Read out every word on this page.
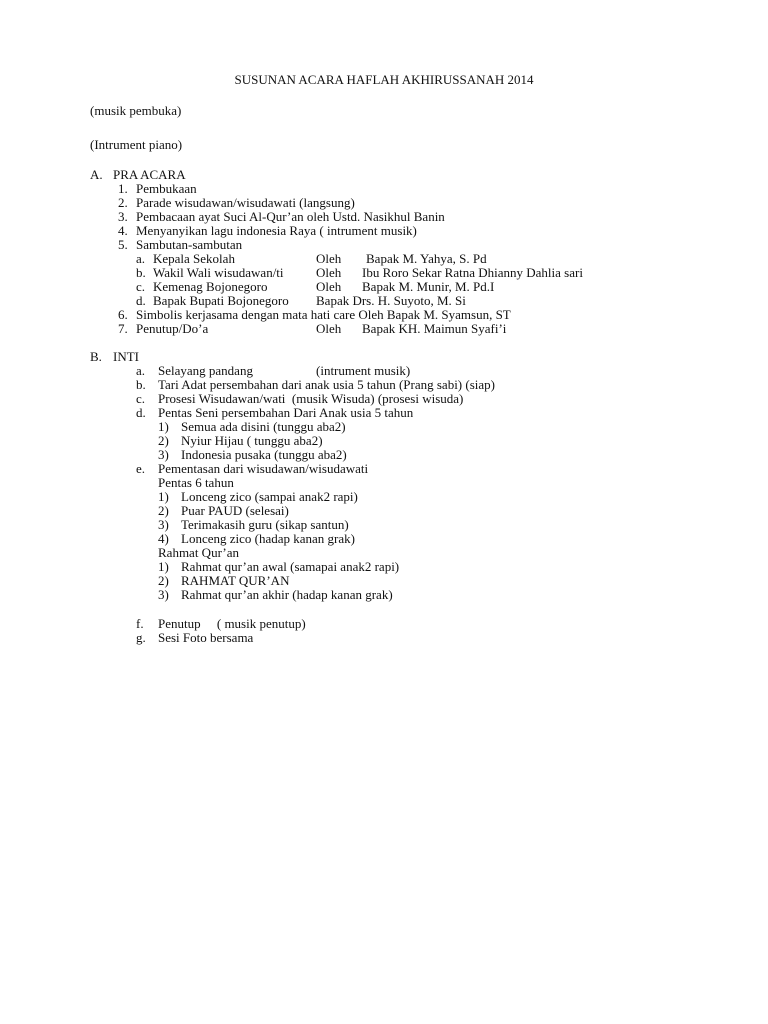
SUSUNAN ACARA HAFLAH AKHIRUSSANAH 2014
(musik pembuka)
(Intrument piano)
A. PRA ACARA
1. Pembukaan
2. Parade wisudawan/wisudawati (langsung)
3. Pembacaan ayat Suci Al-Qur’an oleh Ustd. Nasikhul Banin
4. Menyanyikan lagu indonesia Raya ( intrument musik)
5. Sambutan-sambutan
a. Kepala Sekolah	Oleh Bapak M. Yahya, S. Pd
b. Wakil Wali wisudawan/ti Oleh Ibu Roro Sekar Ratna Dhianny Dahlia sari
c. Kemenag Bojonegoro	Oleh Bapak M. Munir, M. Pd.I
d. Bapak Bupati Bojonegoro Bapak Drs. H. Suyoto, M. Si
6. Simbolis kerjasama dengan mata hati care Oleh Bapak M. Syamsun, ST
7. Penutup/Do’a	Oleh Bapak KH. Maimun Syafi’i
B. INTI
a. Selayang pandang	(intrument musik)
b. Tari Adat persembahan dari anak usia 5 tahun (Prang sabi) (siap)
c. Prosesi Wisudawan/wati  (musik Wisuda) (prosesi wisuda)
d. Pentas Seni persembahan Dari Anak usia 5 tahun
1) Semua ada disini (tunggu aba2)
2) Nyiur Hijau ( tunggu aba2)
3) Indonesia pusaka (tunggu aba2)
e. Pementasan dari wisudawan/wisudawati
Pentas 6 tahun
1) Lonceng zico (sampai anak2 rapi)
2) Puar PAUD (selesai)
3) Terimakasih guru (sikap santun)
4) Lonceng zico (hadap kanan grak)
Rahmat Qur’an
1) Rahmat qur’an awal (samapai anak2 rapi)
2) RAHMAT QUR’AN
3) Rahmat qur’an akhir (hadap kanan grak)
f. Penutup     ( musik penutup)
g. Sesi Foto bersama
